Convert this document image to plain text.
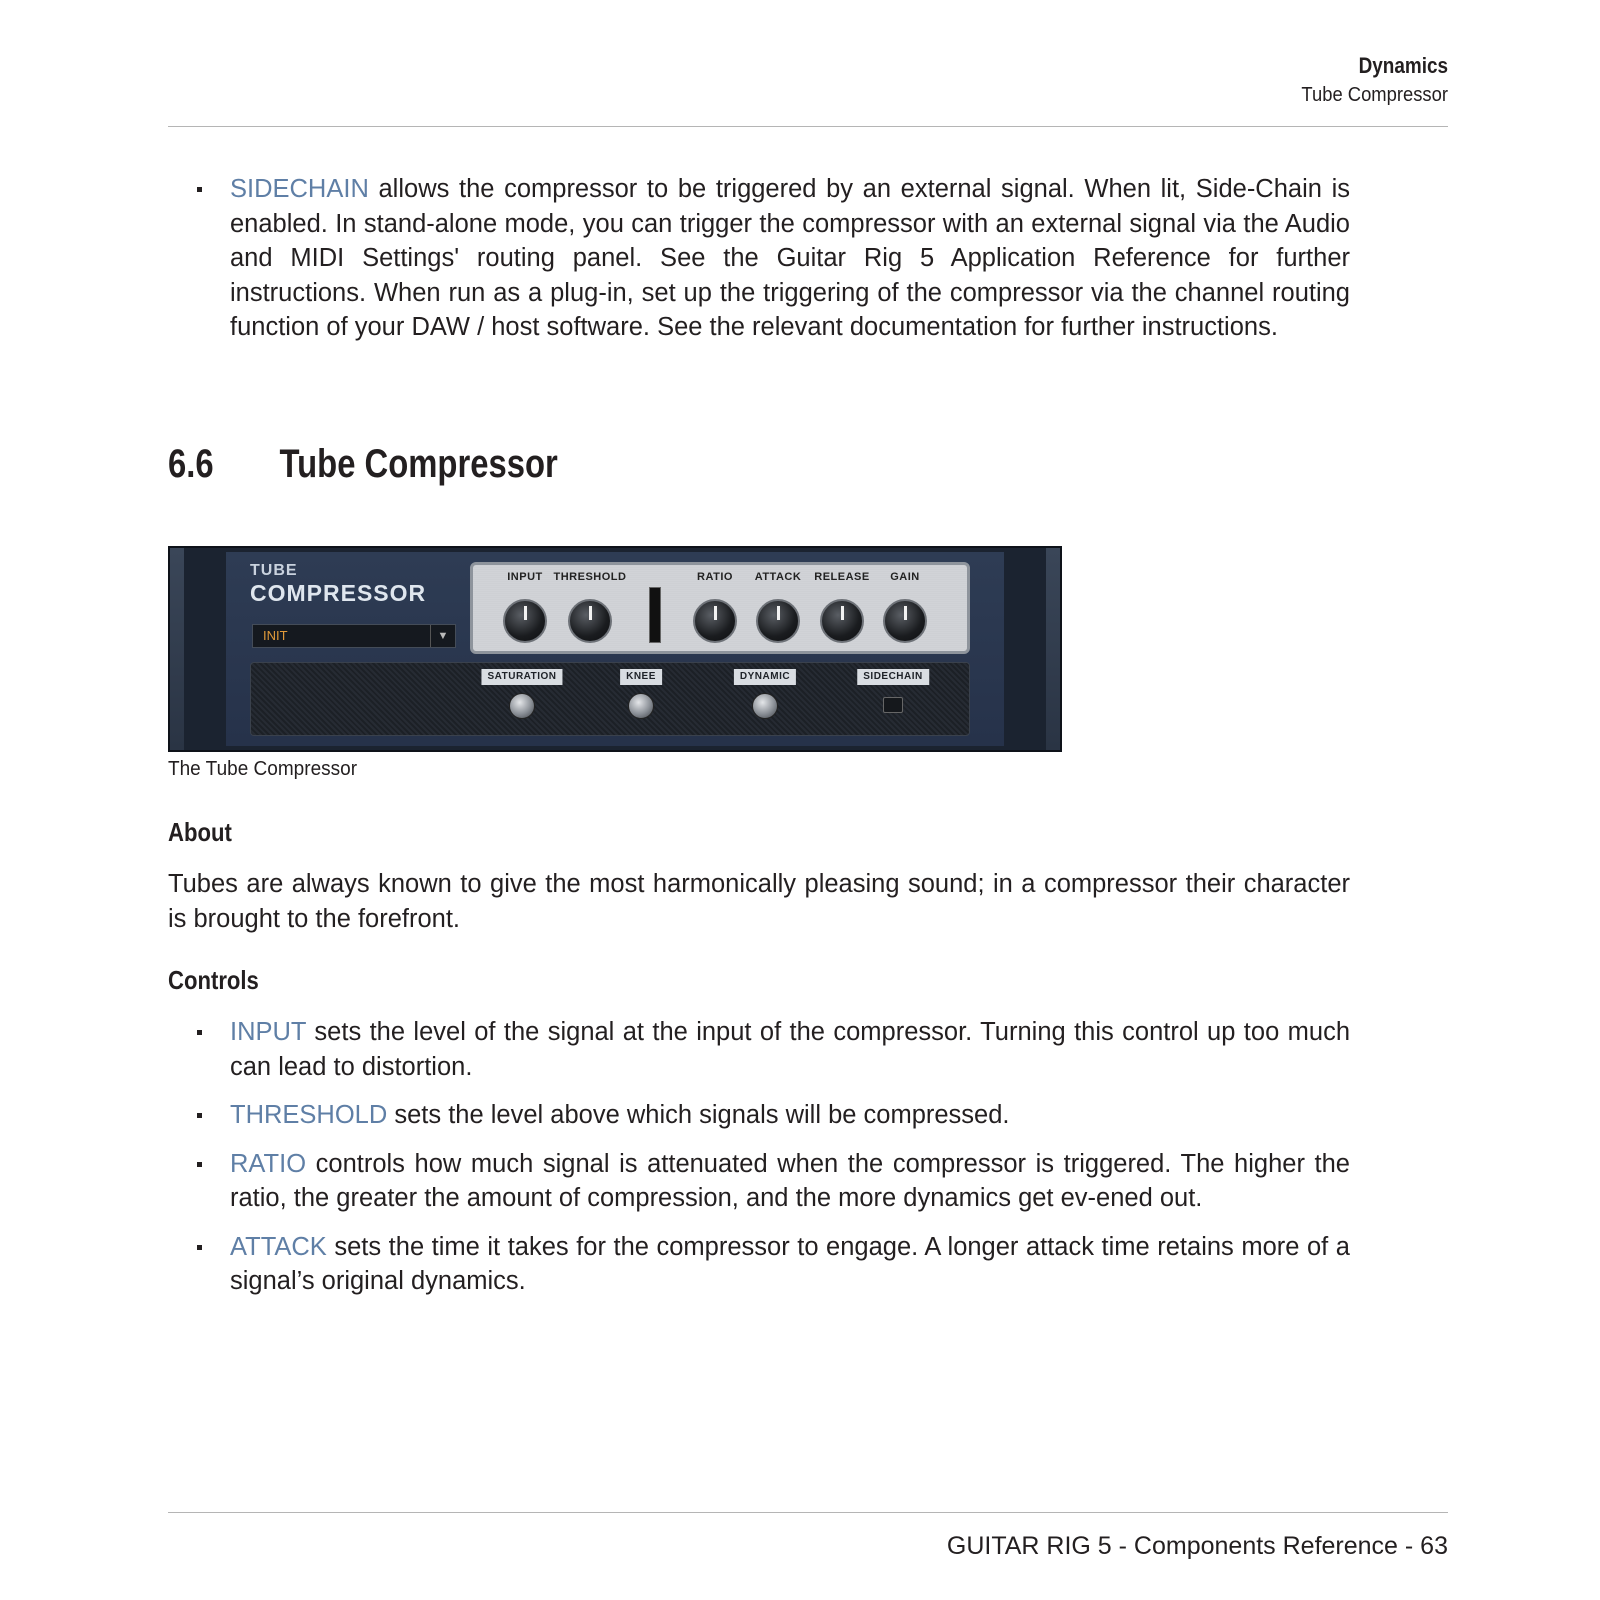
Dynamics
Tube Compressor
SIDECHAIN allows the compressor to be triggered by an external signal. When lit, Side-Chain is enabled. In stand-alone mode, you can trigger the compressor with an external signal via the Audio and MIDI Settings' routing panel. See the Guitar Rig 5 Application Reference for further instructions. When run as a plug-in, set up the triggering of the compressor via the channel routing function of your DAW / host software. See the relevant documentation for further instructions.
6.6 Tube Compressor
TUBE
COMPRESSOR
INIT	▼
INPUT THRESHOLD	RATIO ATTACK RELEASE GAIN
SATURATION	KNEE	DYNAMIC	SIDECHAIN
The Tube Compressor
About
Tubes are always known to give the most harmonically pleasing sound; in a compressor their character is brought to the forefront.
Controls
INPUT sets the level of the signal at the input of the compressor. Turning this control up too much can lead to distortion.
THRESHOLD sets the level above which signals will be compressed.
RATIO controls how much signal is attenuated when the compressor is triggered. The higher the ratio, the greater the amount of compression, and the more dynamics get ev-ened out.
ATTACK sets the time it takes for the compressor to engage. A longer attack time retains more of a signal’s original dynamics.
GUITAR RIG 5 - Components Reference - 63
